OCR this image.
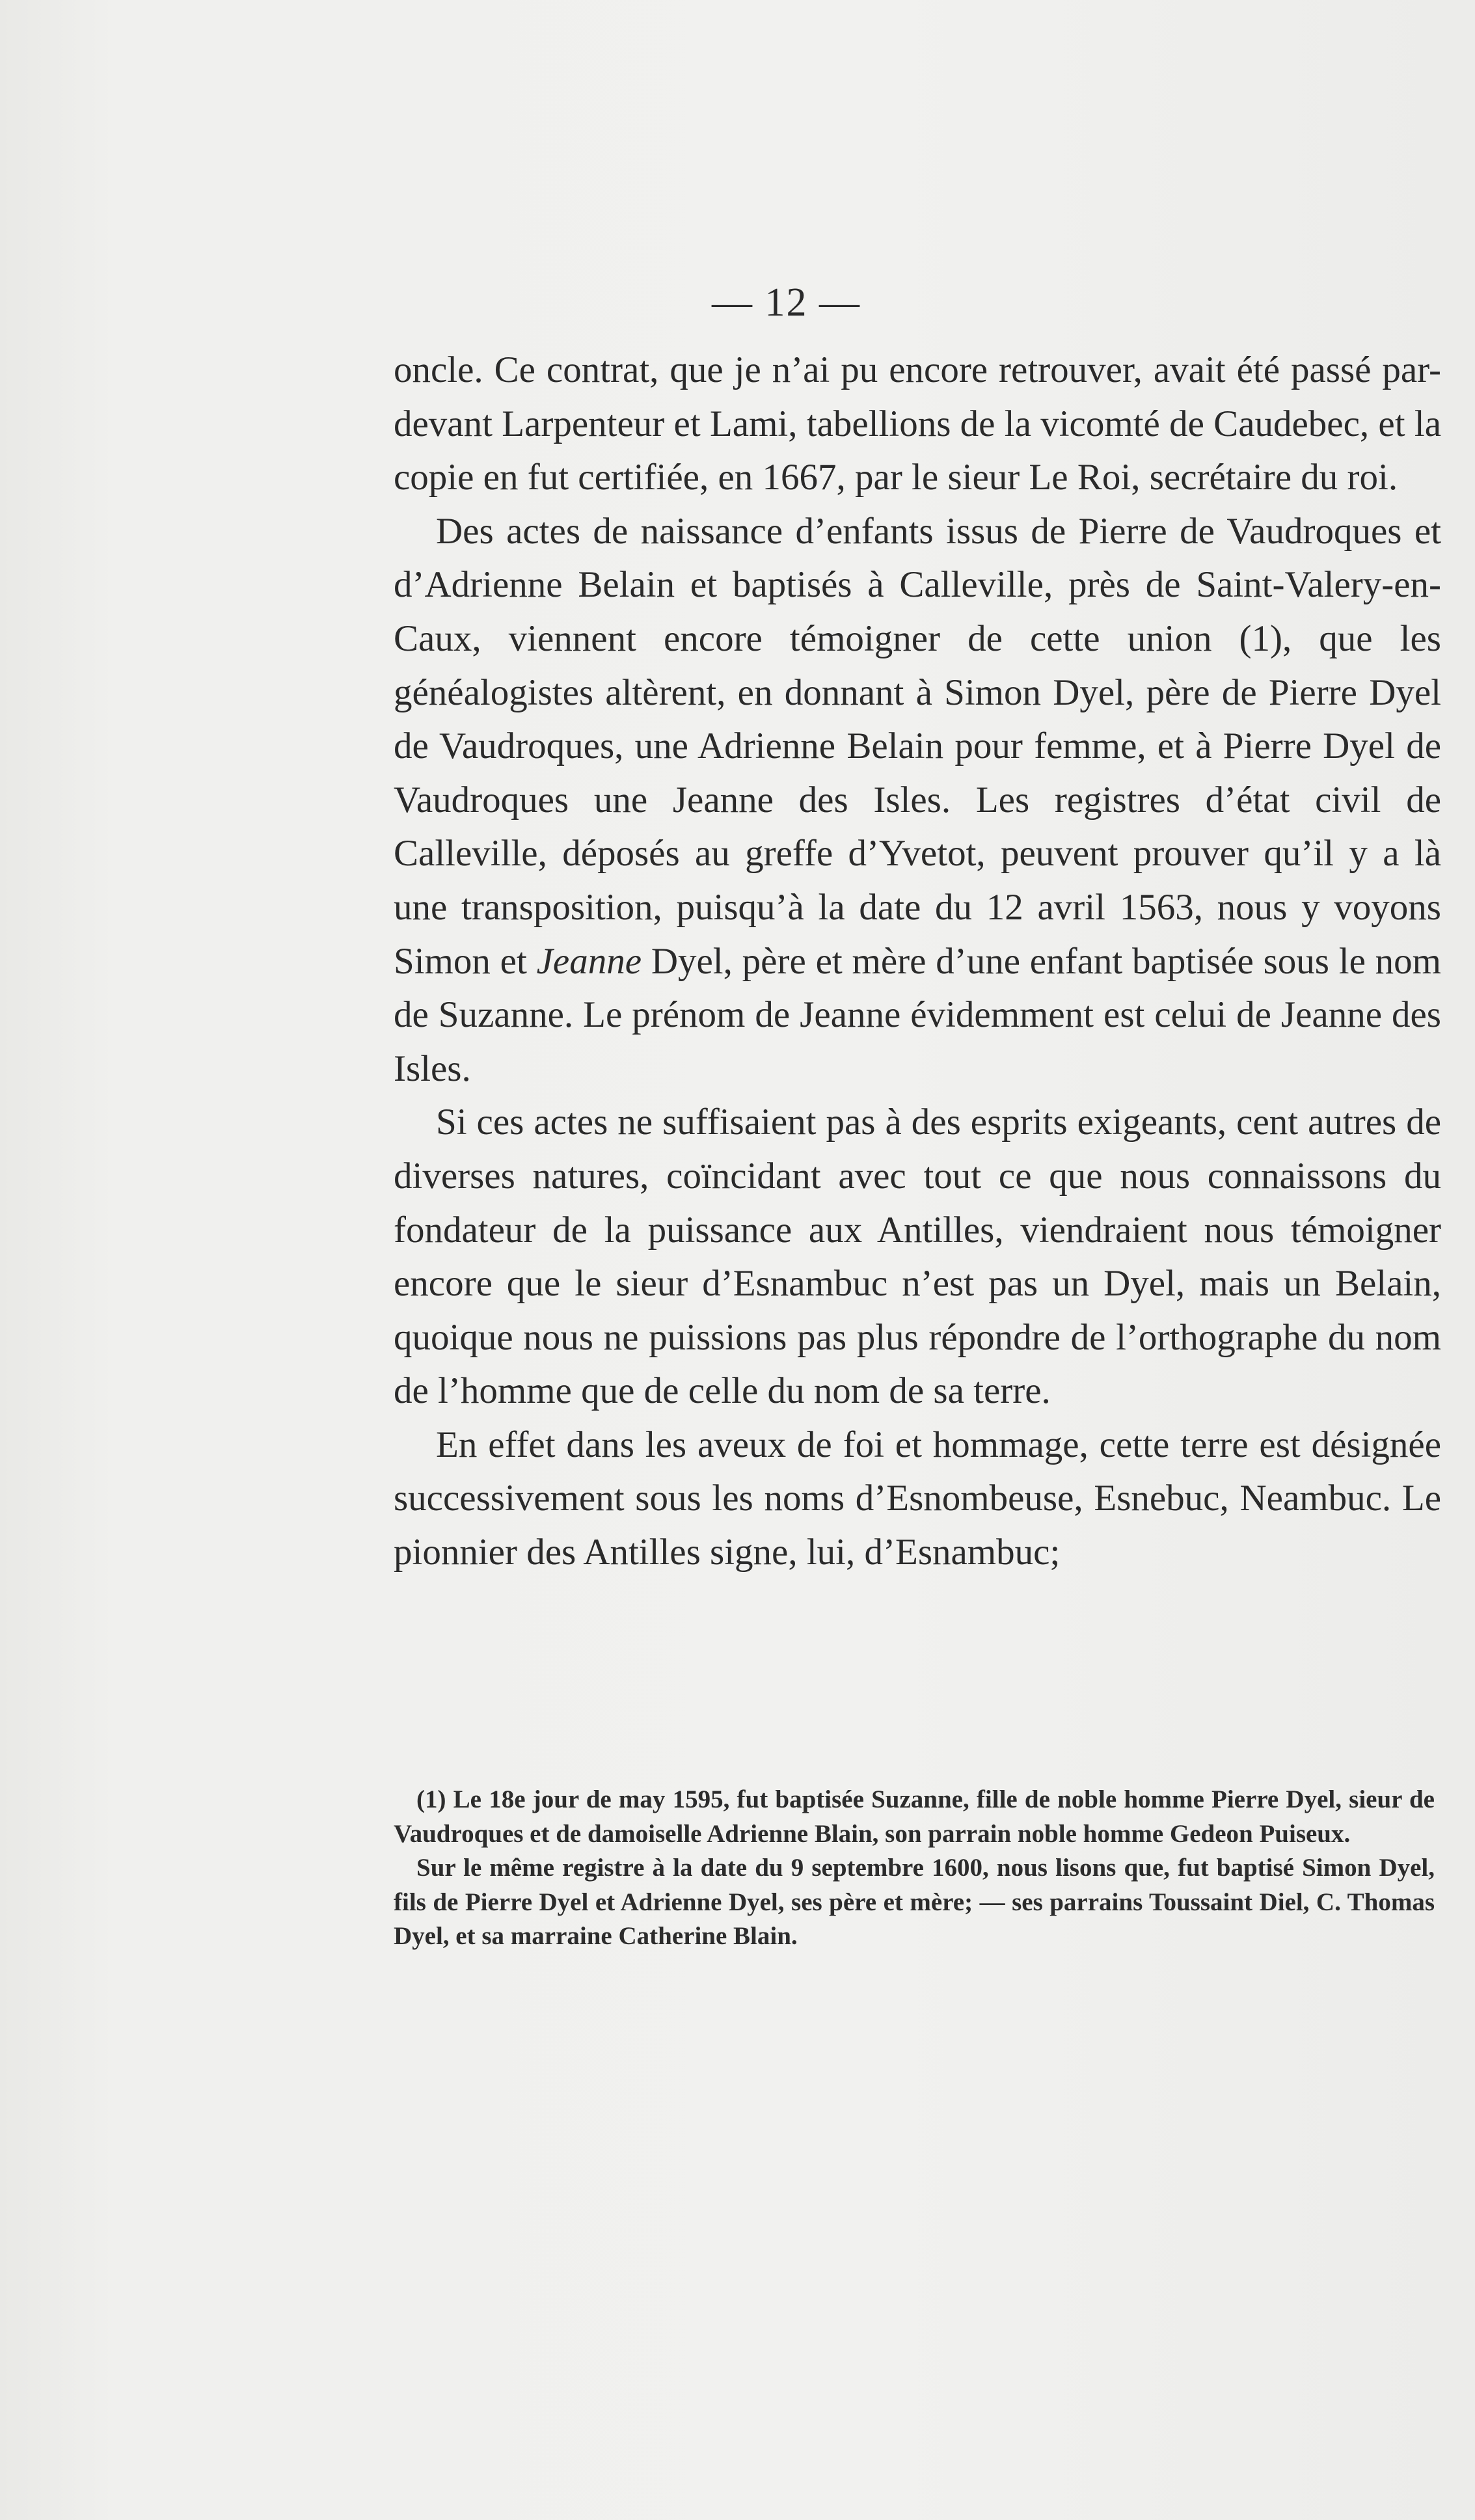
— 12 —

oncle. Ce contrat, que je n’ai pu encore retrouver, avait été passé par-devant Larpenteur et Lami, tabellions de la vicomté de Caudebec, et la copie en fut certifiée, en 1667, par le sieur Le Roi, secrétaire du roi.

Des actes de naissance d’enfants issus de Pierre de Vaudroques et d’Adrienne Belain et baptisés à Calleville, près de Saint-Valery-en-Caux, viennent encore témoigner de cette union (1), que les généalogistes altèrent, en donnant à Simon Dyel, père de Pierre Dyel de Vaudroques, une Adrienne Belain pour femme, et à Pierre Dyel de Vaudroques une Jeanne des Isles. Les registres d’état civil de Calleville, déposés au greffe d’Yvetot, peuvent prouver qu’il y a là une transposition, puisqu’à la date du 12 avril 1563, nous y voyons Simon et Jeanne Dyel, père et mère d’une enfant baptisée sous le nom de Suzanne. Le prénom de Jeanne évidemment est celui de Jeanne des Isles.

Si ces actes ne suffisaient pas à des esprits exigeants, cent autres de diverses natures, coïncidant avec tout ce que nous connaissons du fondateur de la puissance aux Antilles, viendraient nous témoigner encore que le sieur d’Esnambuc n’est pas un Dyel, mais un Belain, quoique nous ne puissions pas plus répondre de l’orthographe du nom de l’homme que de celle du nom de sa terre.

En effet dans les aveux de foi et hommage, cette terre est désignée successivement sous les noms d’Esnombeuse, Esnebuc, Neambuc. Le pionnier des Antilles signe, lui, d’Esnambuc;

(1) Le 18e jour de may 1595, fut baptisée Suzanne, fille de noble homme Pierre Dyel, sieur de Vaudroques et de damoiselle Adrienne Blain, son parrain noble homme Gedeon Puiseux.

Sur le même registre à la date du 9 septembre 1600, nous lisons que, fut baptisé Simon Dyel, fils de Pierre Dyel et Adrienne Dyel, ses père et mère; — ses parrains Toussaint Diel, C. Thomas Dyel, et sa marraine Catherine Blain.
